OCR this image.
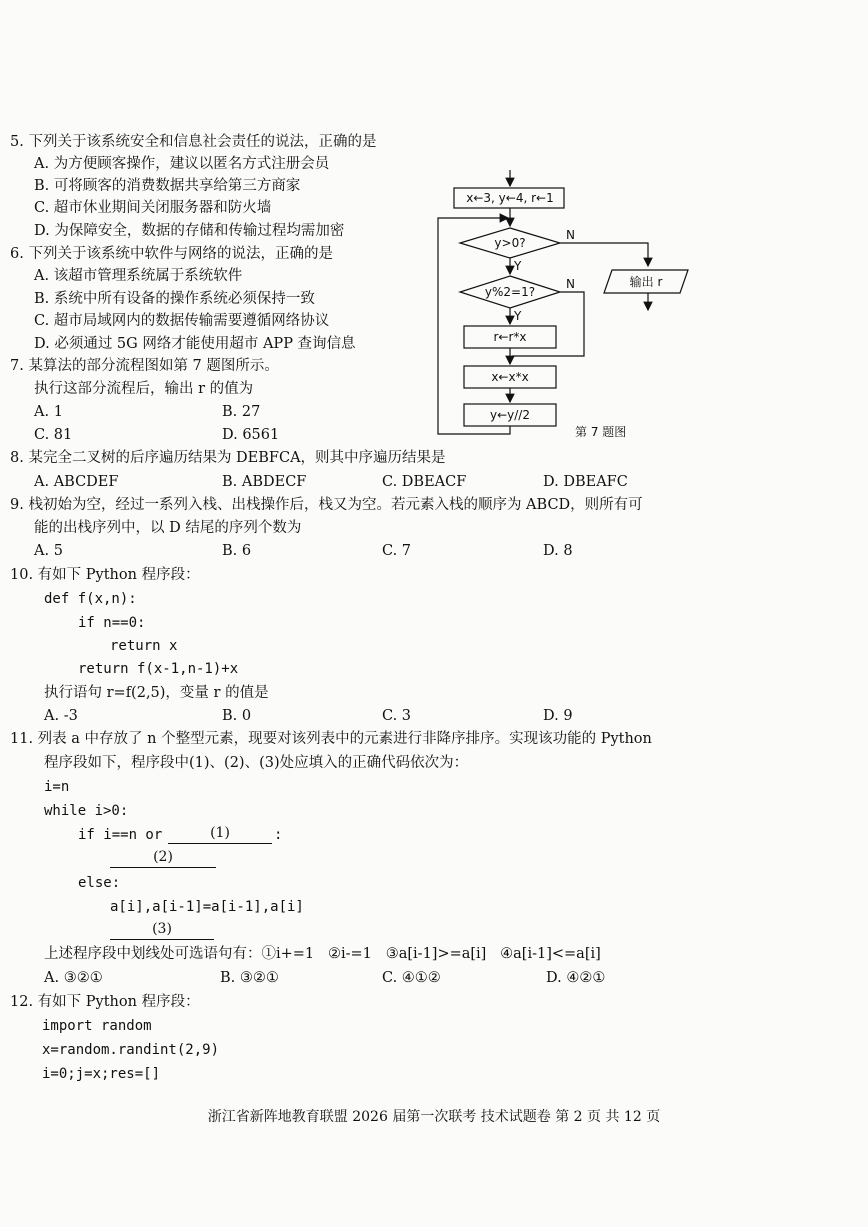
5. 下列关于该系统安全和信息社会责任的说法，正确的是
A. 为方便顾客操作，建议以匿名方式注册会员
B. 可将顾客的消费数据共享给第三方商家
C. 超市休业期间关闭服务器和防火墙
D. 为保障安全，数据的存储和传输过程均需加密
6. 下列关于该系统中软件与网络的说法，正确的是
A. 该超市管理系统属于系统软件
B. 系统中所有设备的操作系统必须保持一致
C. 超市局域网内的数据传输需要遵循网络协议
D. 必须通过 5G 网络才能使用超市 APP 查询信息
7. 某算法的部分流程图如第 7 题图所示。
执行这部分流程后，输出 r 的值为
A. 1	B. 27
C. 81	D. 6561
x←3, y←4, r←1
y>0?
N
Y
输出 r
y%2=1?
N
Y
r←r*x
x←x*x
y←y//2
第 7 题图
8. 某完全二叉树的后序遍历结果为 DEBFCA，则其中序遍历结果是
A. ABCDEF	B. ABDECF	C. DBEACF	D. DBEAFC
9. 栈初始为空，经过一系列入栈、出栈操作后，栈又为空。若元素入栈的顺序为 ABCD，则所有可
能的出栈序列中，以 D 结尾的序列个数为
A. 5	B. 6	C. 7	D. 8
10. 有如下 Python 程序段：
def f(x,n):
if n==0:
return x
return f(x-1,n-1)+x
执行语句 r=f(2,5)，变量 r 的值是
A. -3	B. 0	C. 3	D. 9
11. 列表 a 中存放了 n 个整型元素，现要对该列表中的元素进行非降序排序。实现该功能的 Python
程序段如下，程序段中(1)、(2)、(3)处应填入的正确代码依次为：
i=n
while i>0:
if i==n or	(1)	:
(2)
else:
a[i],a[i-1]=a[i-1],a[i]
(3)
上述程序段中划线处可选语句有：①i+=1   ②i-=1   ③a[i-1]>=a[i]   ④a[i-1]<=a[i]
A. ③②①	B. ③②①	C. ④①②	D. ④②①
12. 有如下 Python 程序段：
import random
x=random.randint(2,9)
i=0;j=x;res=[]
浙江省新阵地教育联盟 2026 届第一次联考 技术试题卷 第 2 页 共 12 页
